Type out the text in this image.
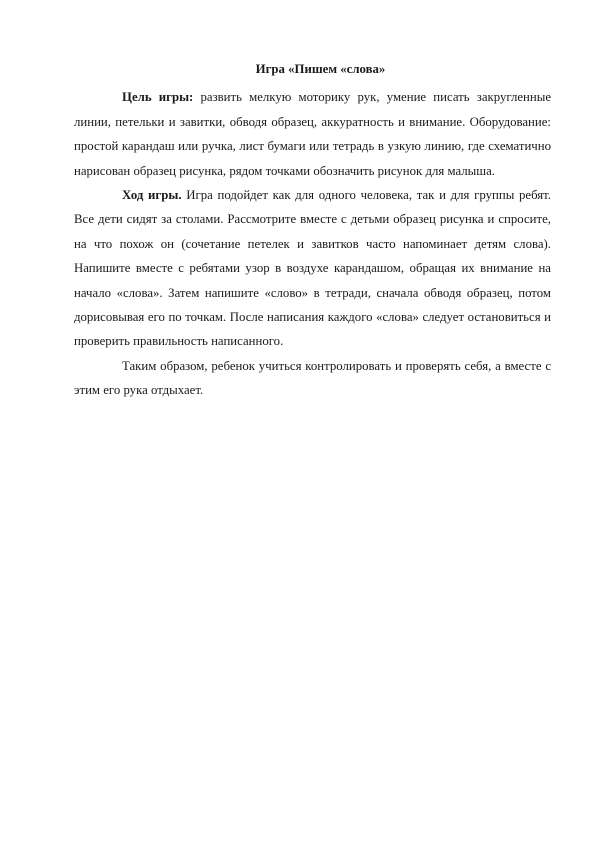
Игра «Пишем «слова»

Цель игры: развить мелкую моторику рук, умение писать закругленные линии, петельки и завитки, обводя образец, аккуратность и внимание. Оборудование: простой карандаш или ручка, лист бумаги или тетрадь в узкую линию, где схематично нарисован образец рисунка, рядом точками обозначить рисунок для малыша.

Ход игры. Игра подойдет как для одного человека, так и для группы ребят. Все дети сидят за столами. Рассмотрите вместе с детьми образец рисунка и спросите, на что похож он (сочетание петелек и завитков часто напоминает детям слова). Напишите вместе с ребятами узор в воздухе карандашом, обращая их внимание на начало «слова». Затем напишите «слово» в тетради, сначала обводя образец, потом дорисовывая его по точкам. После написания каждого «слова» следует остановиться и проверить правильность написанного.

Таким образом, ребенок учиться контролировать и проверять себя, а вместе с этим его рука отдыхает.
